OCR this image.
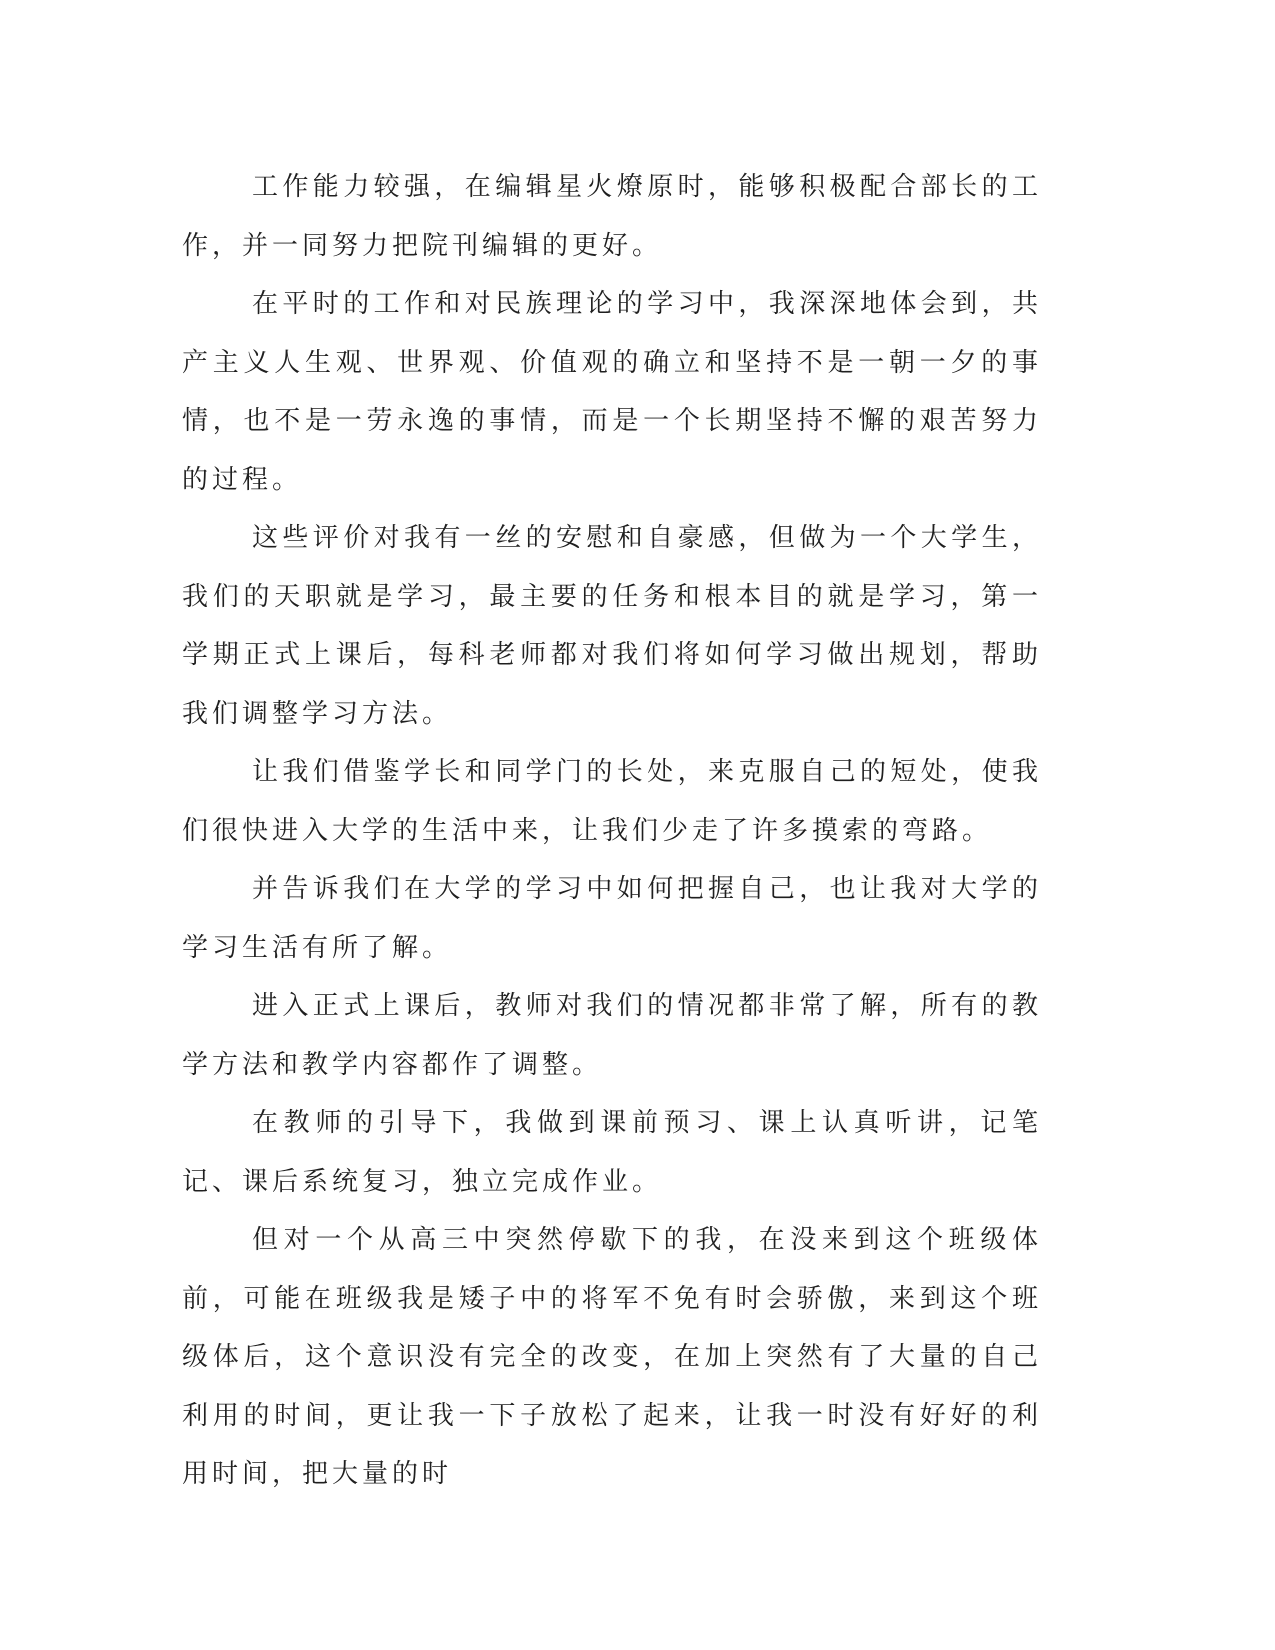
工作能力较强，在编辑星火燎原时，能够积极配合部长的工作，并一同努力把院刊编辑的更好。

在平时的工作和对民族理论的学习中，我深深地体会到，共产主义人生观、世界观、价值观的确立和坚持不是一朝一夕的事情，也不是一劳永逸的事情，而是一个长期坚持不懈的艰苦努力的过程。

这些评价对我有一丝的安慰和自豪感，但做为一个大学生，我们的天职就是学习，最主要的任务和根本目的就是学习，第一学期正式上课后，每科老师都对我们将如何学习做出规划，帮助我们调整学习方法。

让我们借鉴学长和同学门的长处，来克服自己的短处，使我们很快进入大学的生活中来，让我们少走了许多摸索的弯路。

并告诉我们在大学的学习中如何把握自己，也让我对大学的学习生活有所了解。

进入正式上课后，教师对我们的情况都非常了解，所有的教学方法和教学内容都作了调整。

在教师的引导下，我做到课前预习、课上认真听讲，记笔记、课后系统复习，独立完成作业。

但对一个从高三中突然停歇下的我，在没来到这个班级体前，可能在班级我是矮子中的将军不免有时会骄傲，来到这个班级体后，这个意识没有完全的改变，在加上突然有了大量的自己利用的时间，更让我一下子放松了起来，让我一时没有好好的利用时间，把大量的时
